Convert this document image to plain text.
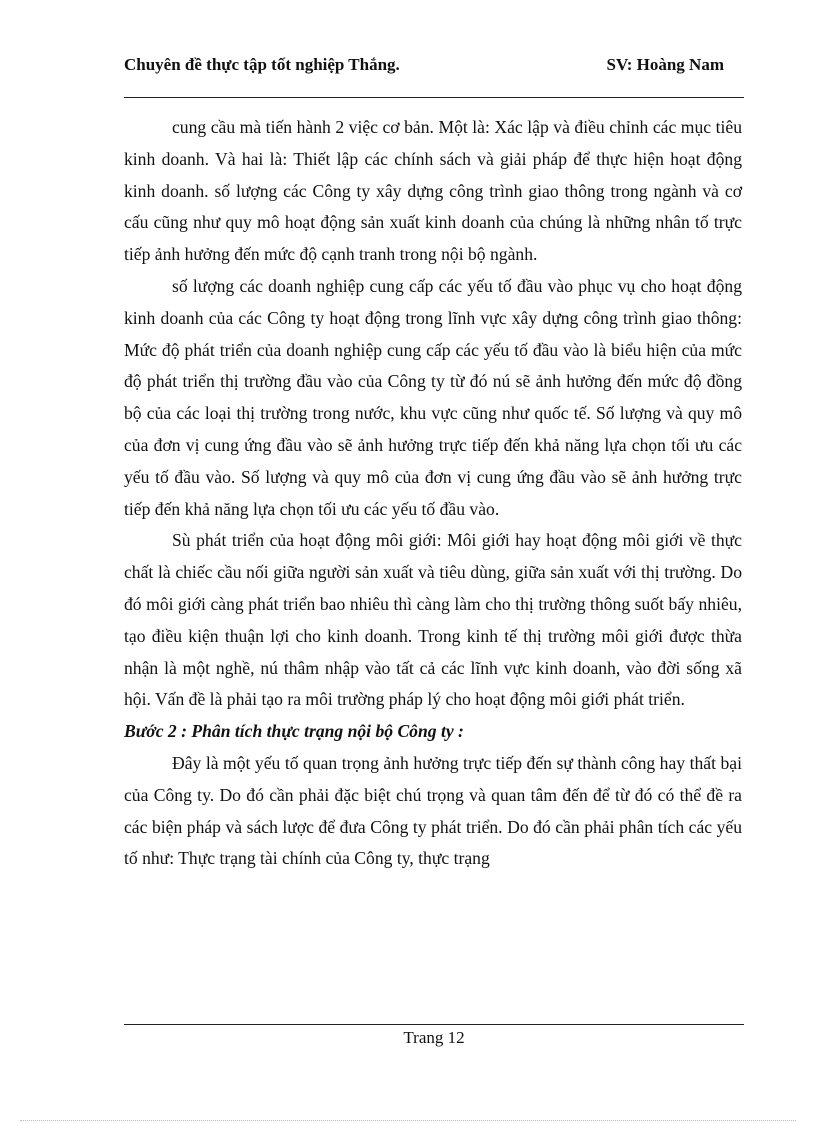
Chuyên đề thực tập tốt nghiệp Thắng.	SV: Hoàng Nam

cung cầu mà tiến hành 2 việc cơ bản. Một là: Xác lập và điều chỉnh các mục tiêu kinh doanh. Và hai là: Thiết lập các chính sách và giải pháp để thực hiện hoạt động kinh doanh. số lượng các Công ty xây dựng công trình giao thông trong ngành và cơ cấu cũng như quy mô hoạt động sản xuất kinh doanh của chúng là những nhân tố trực tiếp ảnh hưởng đến mức độ cạnh tranh trong nội bộ ngành.

số lượng các doanh nghiệp cung cấp các yếu tố đầu vào phục vụ cho hoạt động kinh doanh của các Công ty hoạt động trong lĩnh vực xây dựng công trình giao thông: Mức độ phát triển của doanh nghiệp cung cấp các yếu tố đầu vào là biểu hiện của mức độ phát triển thị trường đầu vào của Công ty từ đó nú sẽ ảnh hưởng đến mức độ đồng bộ của các loại thị trường trong nước, khu vực cũng như quốc tế. Số lượng và quy mô của đơn vị cung ứng đầu vào sẽ ảnh hưởng trực tiếp đến khả năng lựa chọn tối ưu các yếu tố đầu vào. Số lượng và quy mô của đơn vị cung ứng đầu vào sẽ ảnh hưởng trực tiếp đến khả năng lựa chọn tối ưu các yếu tố đầu vào.

Sù phát triển của hoạt động môi giới: Môi giới hay hoạt động môi giới về thực chất là chiếc cầu nối giữa người sản xuất và tiêu dùng, giữa sản xuất với thị trường. Do đó môi giới càng phát triển bao nhiêu thì càng làm cho thị trường thông suốt bấy nhiêu, tạo điều kiện thuận lợi cho kinh doanh. Trong kinh tế thị trường môi giới được thừa nhận là một nghề, nú thâm nhập vào tất cả các lĩnh vực kinh doanh, vào đời sống xã hội. Vấn đề là phải tạo ra môi trường pháp lý cho hoạt động môi giới phát triển.

Bước 2 : Phân tích thực trạng nội bộ Công ty :

Đây là một yếu tố quan trọng ảnh hưởng trực tiếp đến sự thành công hay thất bại của Công ty. Do đó cần phải đặc biệt chú trọng và quan tâm đến để từ đó có thể đề ra các biện pháp và sách lược để đưa Công ty phát triển. Do đó cần phải phân tích các yếu tố như: Thực trạng tài chính của Công ty, thực trạng

Trang 12
